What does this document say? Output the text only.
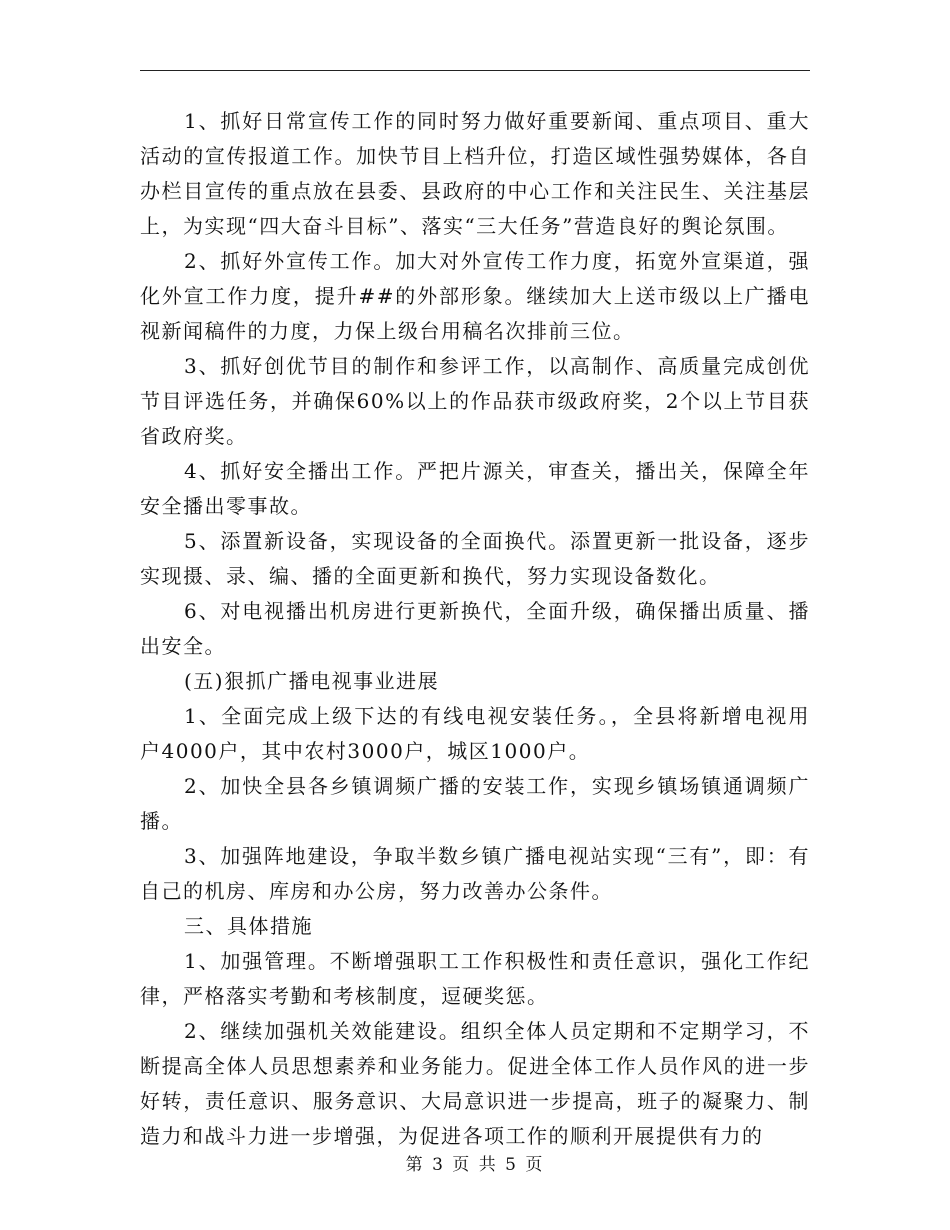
1、抓好日常宣传工作的同时努力做好重要新闻、重点项目、重大活动的宣传报道工作。加快节目上档升位，打造区域性强势媒体，各自办栏目宣传的重点放在县委、县政府的中心工作和关注民生、关注基层上，为实现“四大奋斗目标”、落实“三大任务”营造良好的舆论氛围。

2、抓好外宣传工作。加大对外宣传工作力度，拓宽外宣渠道，强化外宣工作力度，提升##的外部形象。继续加大上送市级以上广播电视新闻稿件的力度，力保上级台用稿名次排前三位。

3、抓好创优节目的制作和参评工作，以高制作、高质量完成创优节目评选任务，并确保60%以上的作品获市级政府奖，2个以上节目获省政府奖。

4、抓好安全播出工作。严把片源关，审查关，播出关，保障全年安全播出零事故。

5、添置新设备，实现设备的全面换代。添置更新一批设备，逐步实现摄、录、编、播的全面更新和换代，努力实现设备数化。

6、对电视播出机房进行更新换代，全面升级，确保播出质量、播出安全。

(五)狠抓广播电视事业进展

1、全面完成上级下达的有线电视安装任务。，全县将新增电视用户4000户，其中农村3000户，城区1000户。

2、加快全县各乡镇调频广播的安装工作，实现乡镇场镇通调频广播。

3、加强阵地建设，争取半数乡镇广播电视站实现“三有”，即：有自己的机房、库房和办公房，努力改善办公条件。

三、具体措施

1、加强管理。不断增强职工工作积极性和责任意识，强化工作纪律，严格落实考勤和考核制度，逗硬奖惩。

2、继续加强机关效能建设。组织全体人员定期和不定期学习，不断提高全体人员思想素养和业务能力。促进全体工作人员作风的进一步好转，责任意识、服务意识、大局意识进一步提高，班子的凝聚力、制造力和战斗力进一步增强，为促进各项工作的顺利开展提供有力的

第 3 页 共 5 页
